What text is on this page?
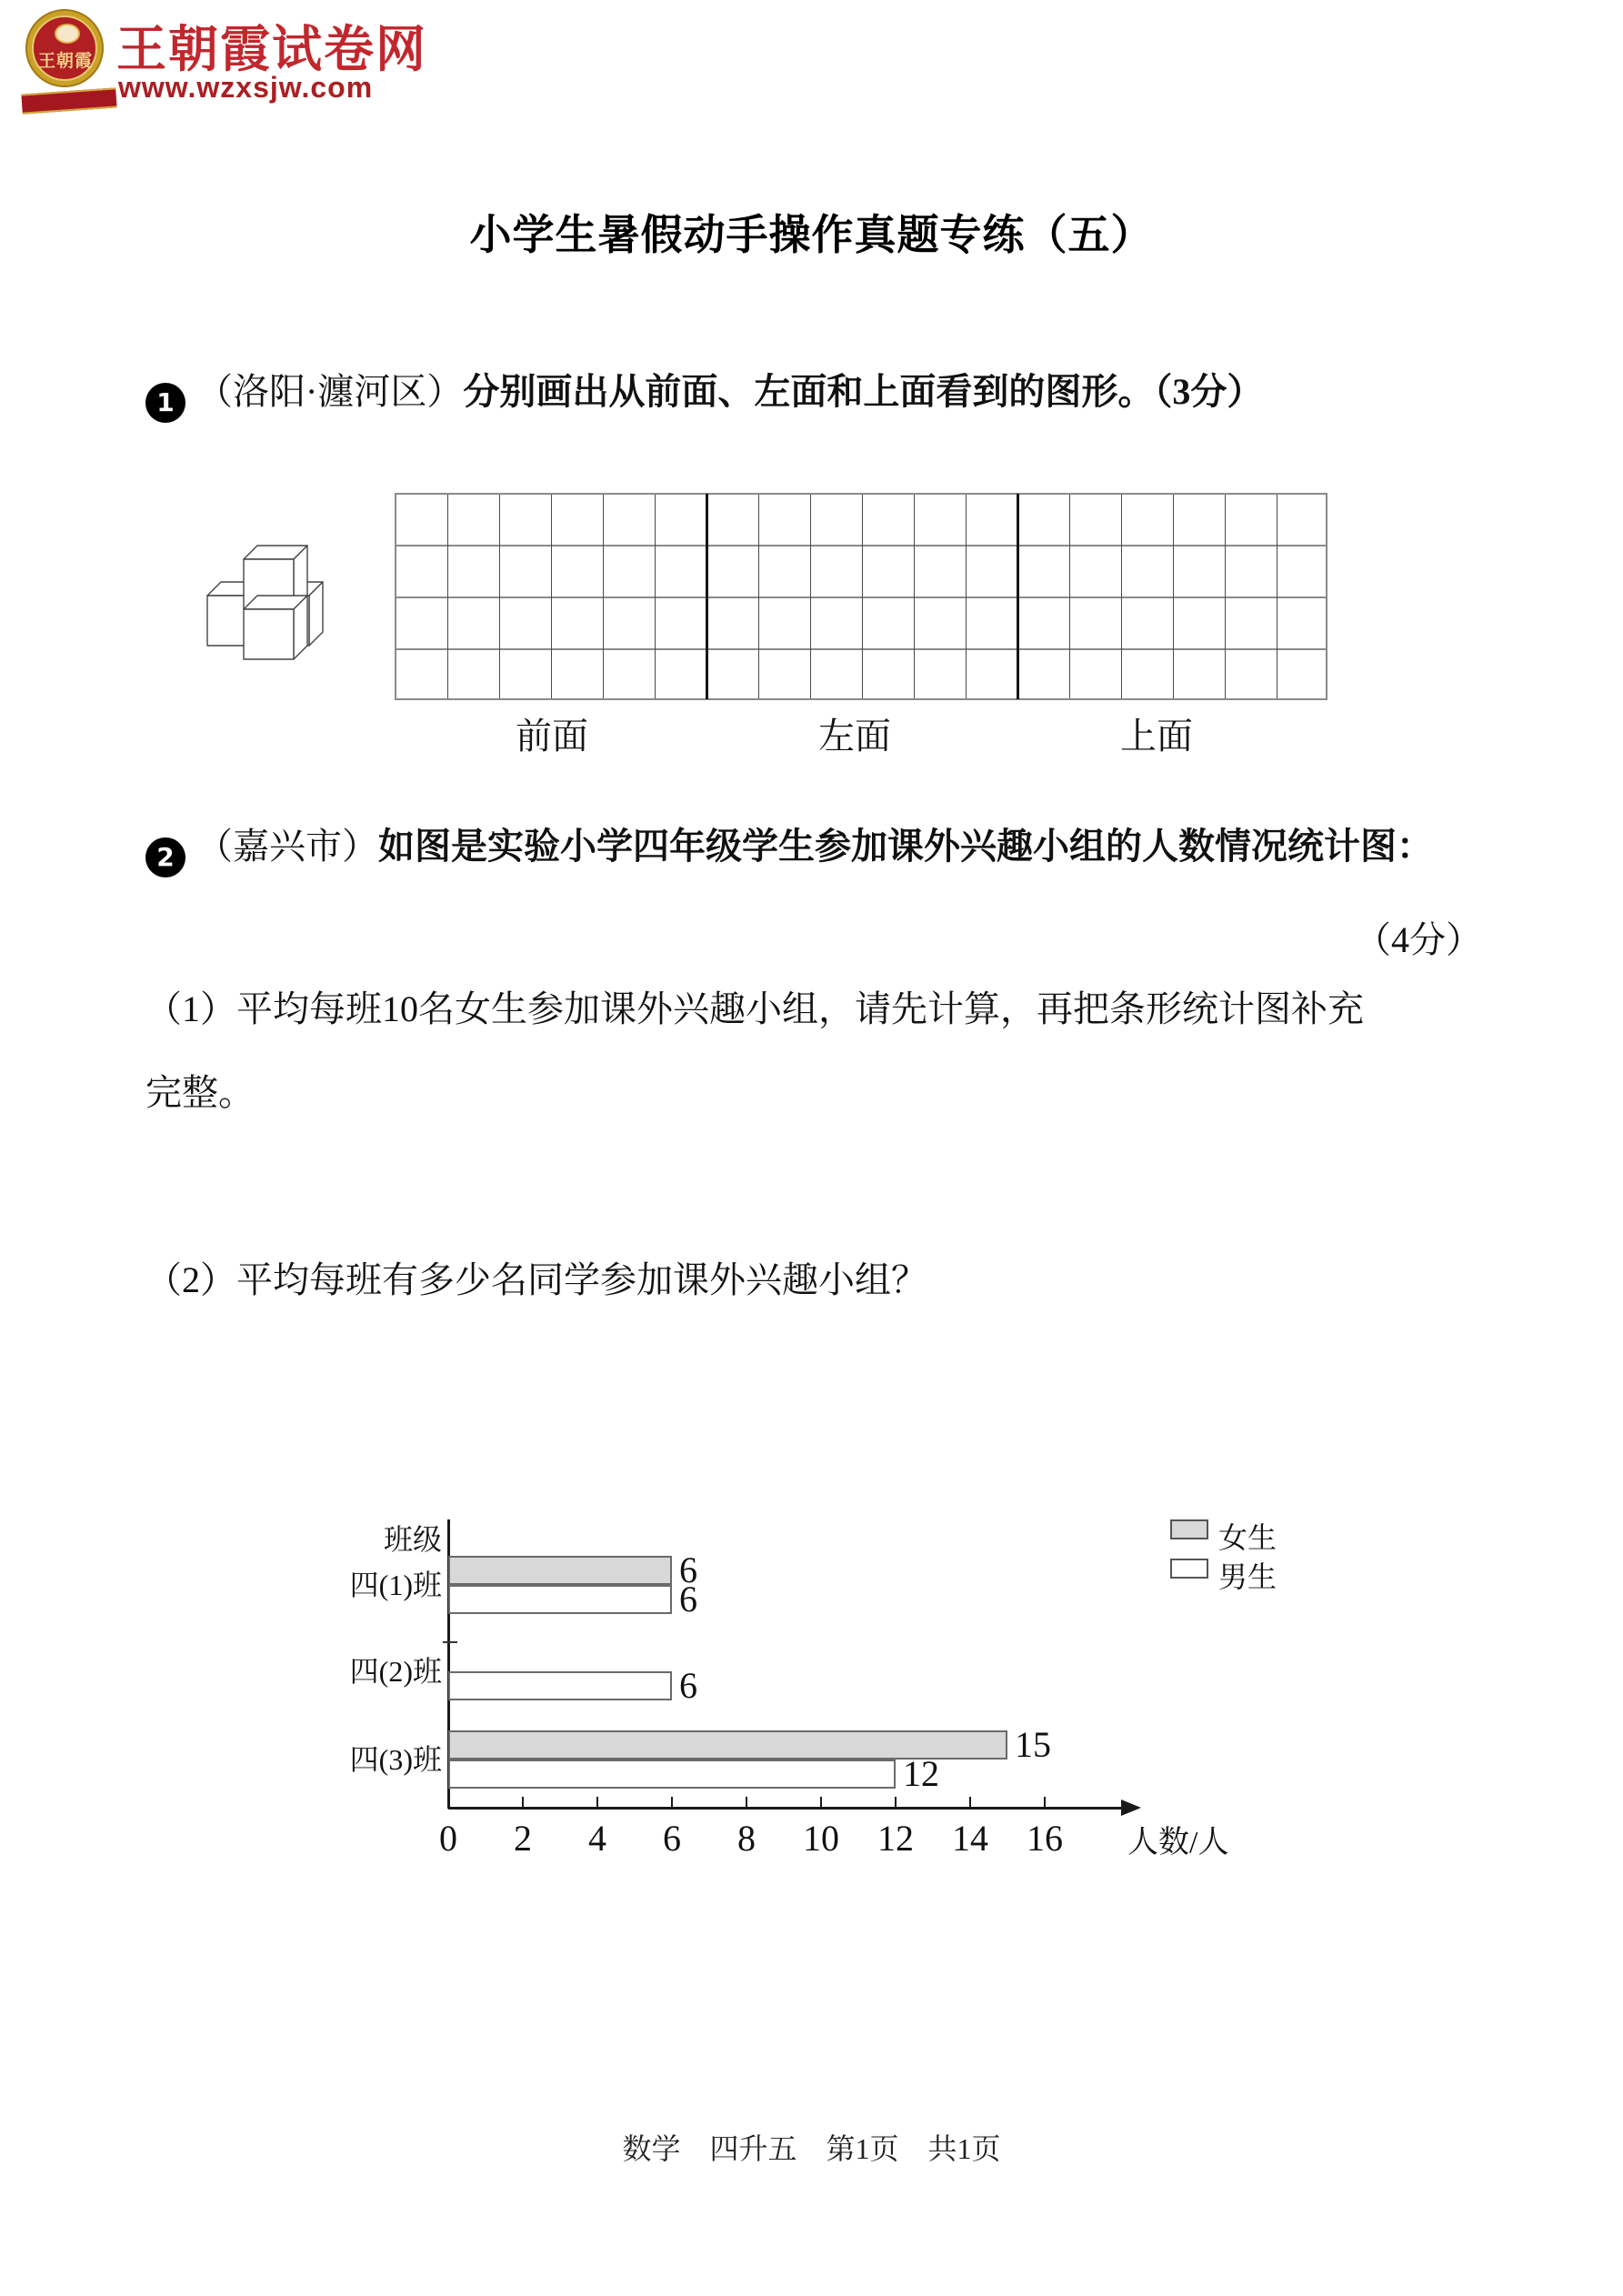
王朝霞 王朝霞试卷网
www.wzxsjw.com
小学生暑假动手操作真题专练（五）
1 （洛阳·瀍河区）分别画出从前面、左面和上面看到的图形。（3分）
前面	左面	上面
2 （嘉兴市）如图是实验小学四年级学生参加课外兴趣小组的人数情况统计图：
（4分）
（1）平均每班10名女生参加课外兴趣小组，请先计算，再把条形统计图补充
完整。
（2）平均每班有多少名同学参加课外兴趣小组？
班级
人数/人
女生
男生
6
6
四(1)班
6
四(2)班
15
12
四(3)班
0	2	4	6	8	10	12	14	16
数学　四升五　第1页　共1页
